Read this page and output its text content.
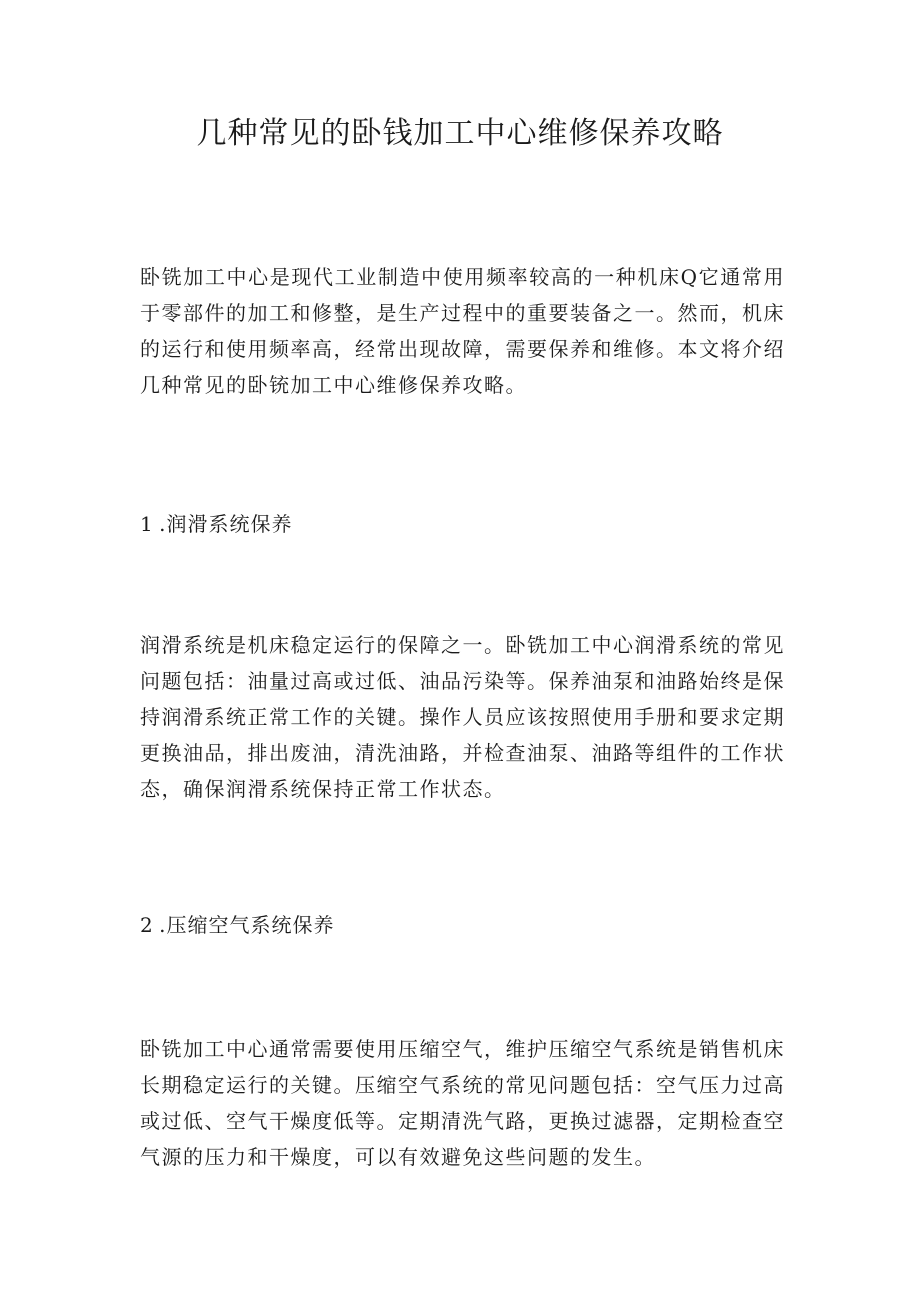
几种常见的卧钱加工中心维修保养攻略

卧铣加工中心是现代工业制造中使用频率较高的一种机床Q它通常用于零部件的加工和修整，是生产过程中的重要装备之一。然而，机床的运行和使用频率高，经常出现故障，需要保养和维修。本文将介绍几种常见的卧铳加工中心维修保养攻略。

1 .润滑系统保养

润滑系统是机床稳定运行的保障之一。卧铣加工中心润滑系统的常见问题包括：油量过高或过低、油品污染等。保养油泵和油路始终是保持润滑系统正常工作的关键。操作人员应该按照使用手册和要求定期更换油品，排出废油，清洗油路，并检查油泵、油路等组件的工作状态，确保润滑系统保持正常工作状态。

2 .压缩空气系统保养

卧铣加工中心通常需要使用压缩空气，维护压缩空气系统是销售机床长期稳定运行的关键。压缩空气系统的常见问题包括：空气压力过高或过低、空气干燥度低等。定期清洗气路，更换过滤器，定期检查空气源的压力和干燥度，可以有效避免这些问题的发生。
